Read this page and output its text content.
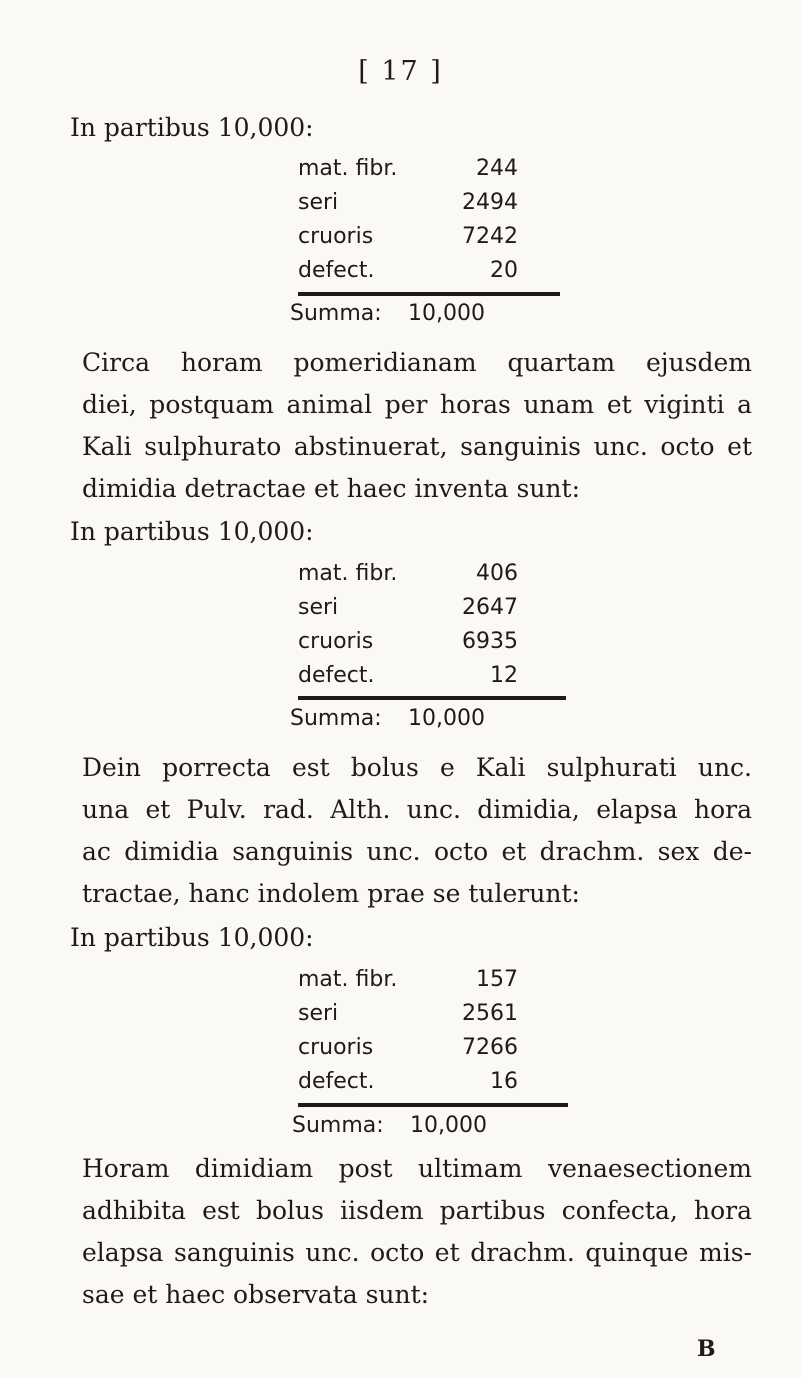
[ 17 ]
In partibus 10,000:
mat. fibr.	244
seri	2494
cruoris	7242
defect.	20
Summa: 10,000
Circa horam pomeridianam quartam ejusdem
diei, postquam animal per horas unam et viginti a
Kali sulphurato abstinuerat, sanguinis unc. octo et
dimidia detractae et haec inventa sunt:
In partibus 10,000:
mat. fibr.	406
seri	2647
cruoris	6935
defect.	12
Summa: 10,000
Dein porrecta est bolus e Kali sulphurati unc.
una et Pulv. rad. Alth. unc. dimidia, elapsa hora
ac dimidia sanguinis unc. octo et drachm. sex de-
tractae, hanc indolem prae se tulerunt:
In partibus 10,000:
mat. fibr.	157
seri	2561
cruoris	7266
defect.	16
Summa: 10,000
Horam dimidiam post ultimam venaesectionem
adhibita est bolus iisdem partibus confecta, hora
elapsa sanguinis unc. octo et drachm. quinque mis-
sae et haec observata sunt:
B
